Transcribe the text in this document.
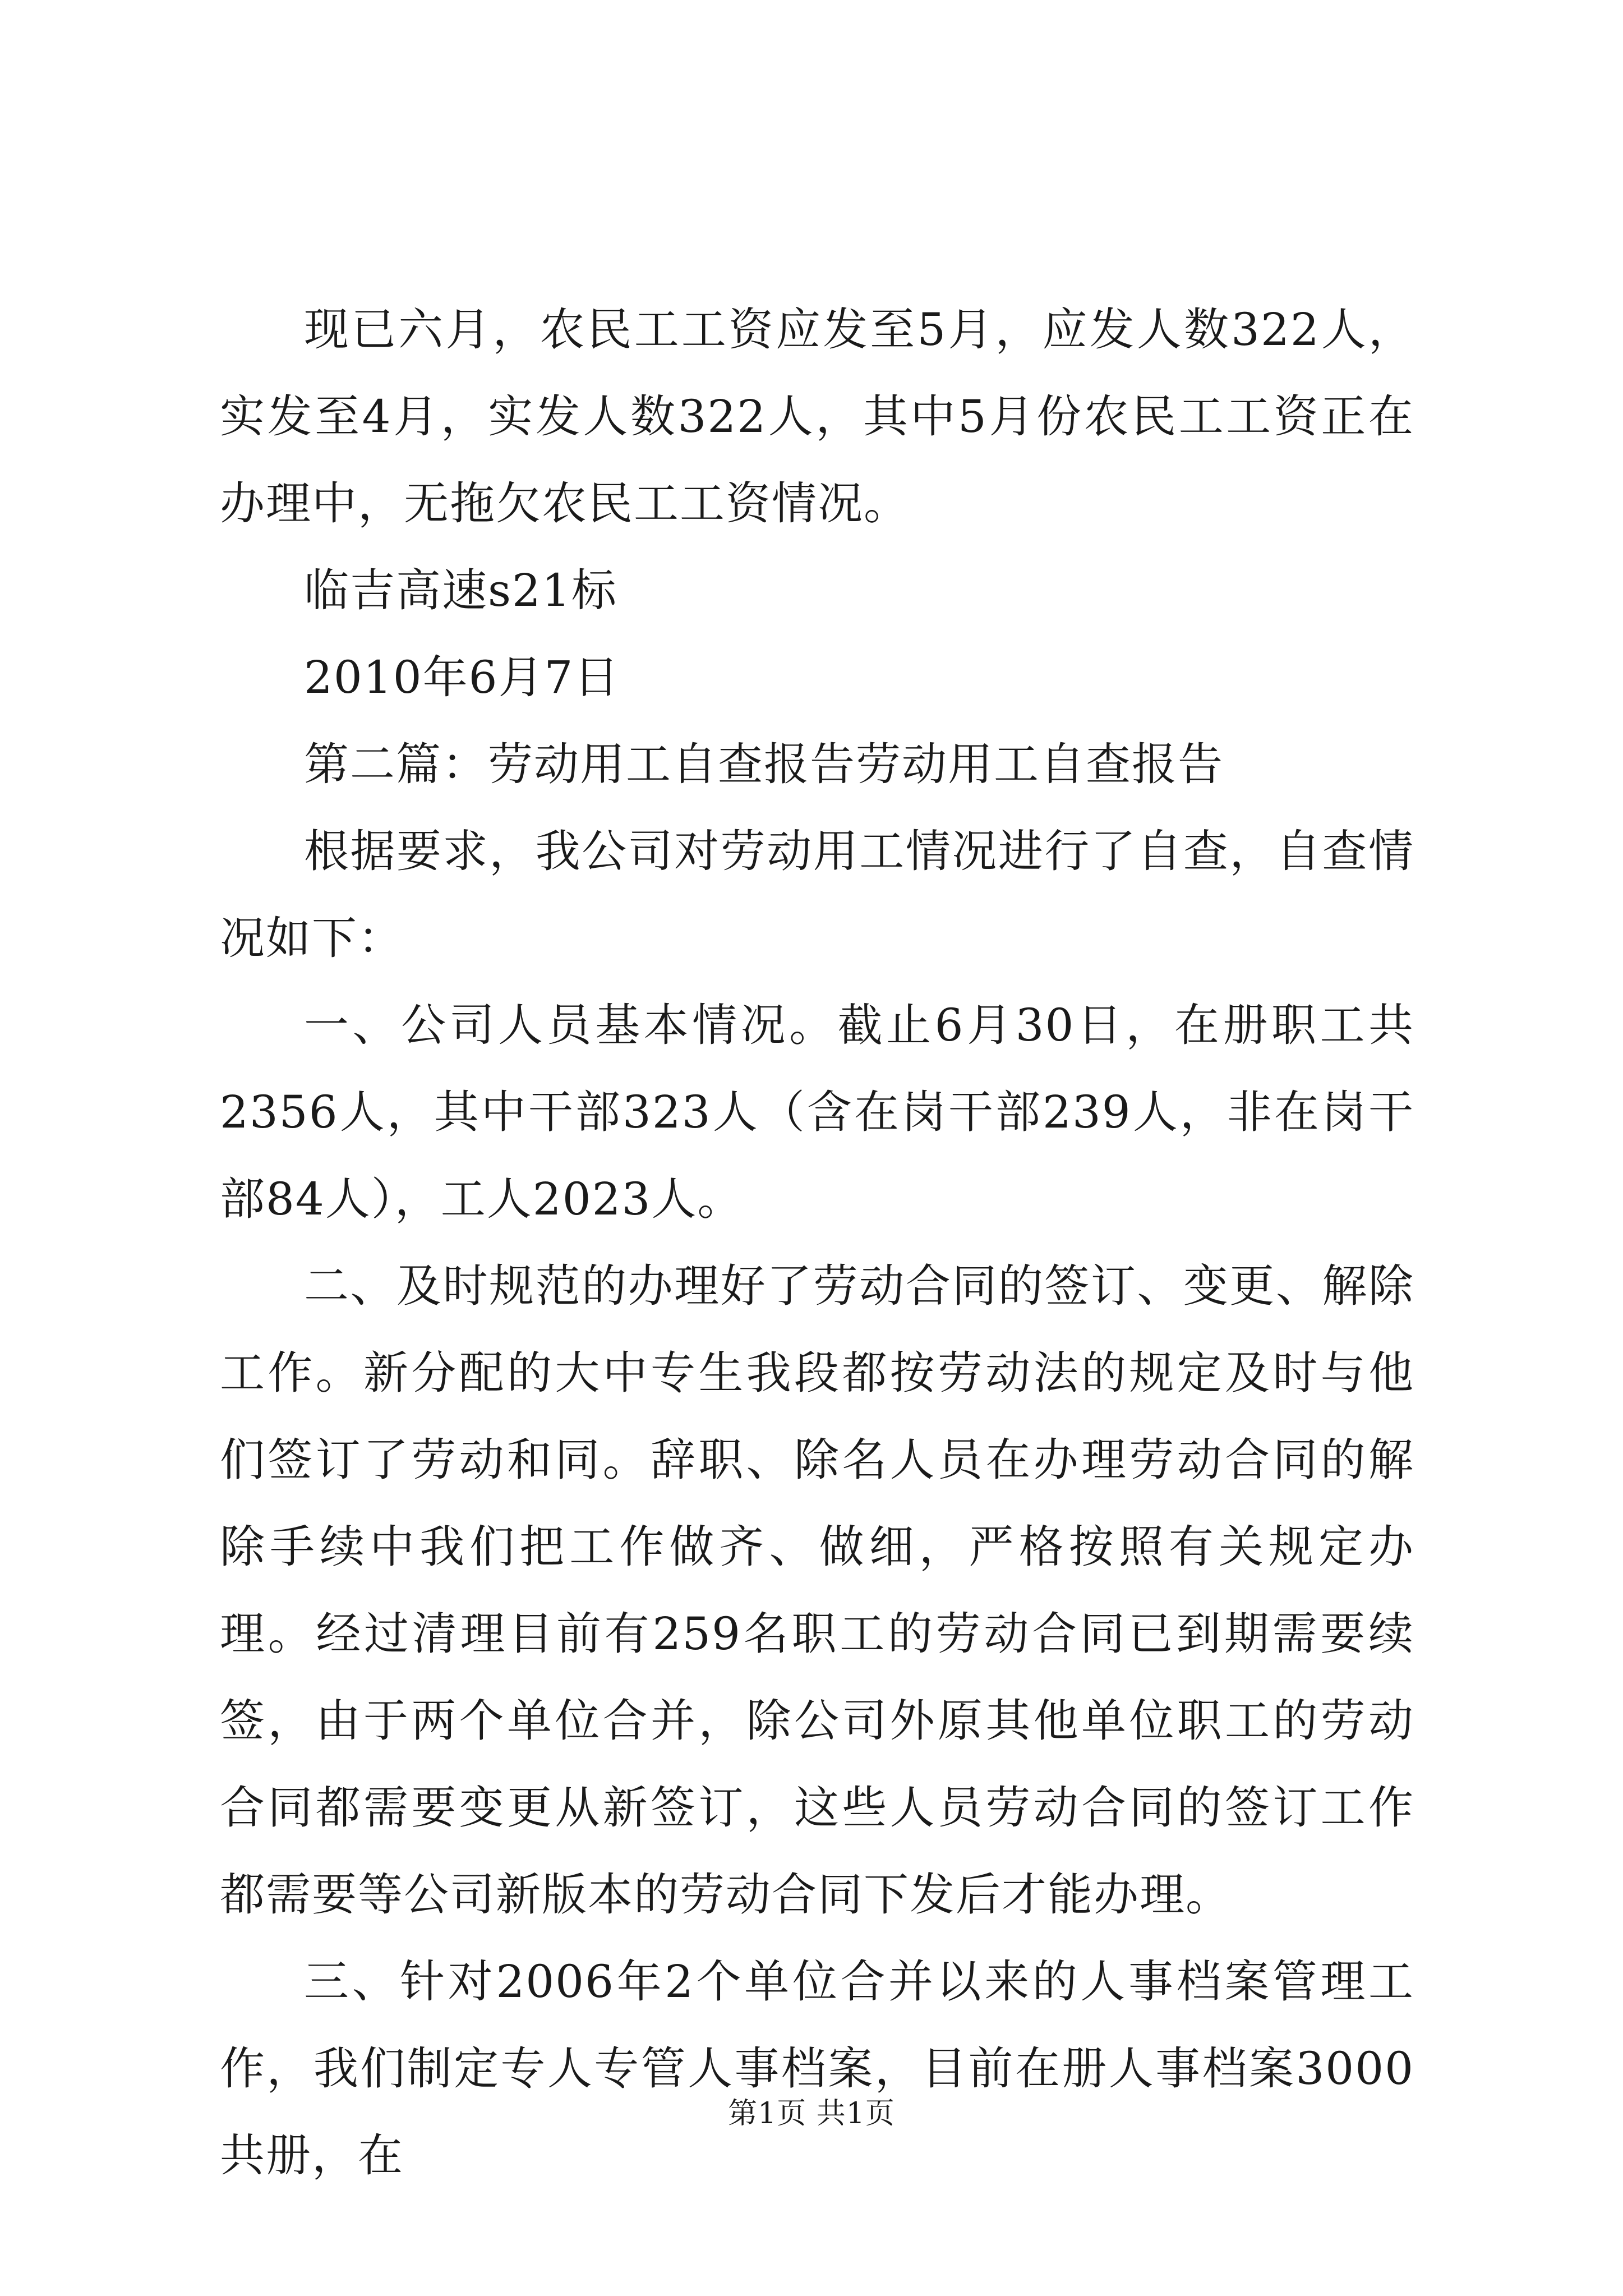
现已六月，农民工工资应发至5月，应发人数322人，实发至4月，实发人数322人，其中5月份农民工工资正在办理中，无拖欠农民工工资情况。

临吉高速s21标

2010年6月7日

第二篇：劳动用工自查报告劳动用工自查报告

根据要求，我公司对劳动用工情况进行了自查，自查情况如下：

一、公司人员基本情况。截止6月30日，在册职工共2356人，其中干部323人（含在岗干部239人，非在岗干部84人），工人2023人。

二、及时规范的办理好了劳动合同的签订、变更、解除工作。新分配的大中专生我段都按劳动法的规定及时与他们签订了劳动和同。辞职、除名人员在办理劳动合同的解除手续中我们把工作做齐、做细，严格按照有关规定办理。经过清理目前有259名职工的劳动合同已到期需要续签，由于两个单位合并，除公司外原其他单位职工的劳动合同都需要变更从新签订，这些人员劳动合同的签订工作都需要等公司新版本的劳动合同下发后才能办理。

三、针对2006年2个单位合并以来的人事档案管理工作，我们制定专人专管人事档案，目前在册人事档案3000共册，在

第1页 共1页
